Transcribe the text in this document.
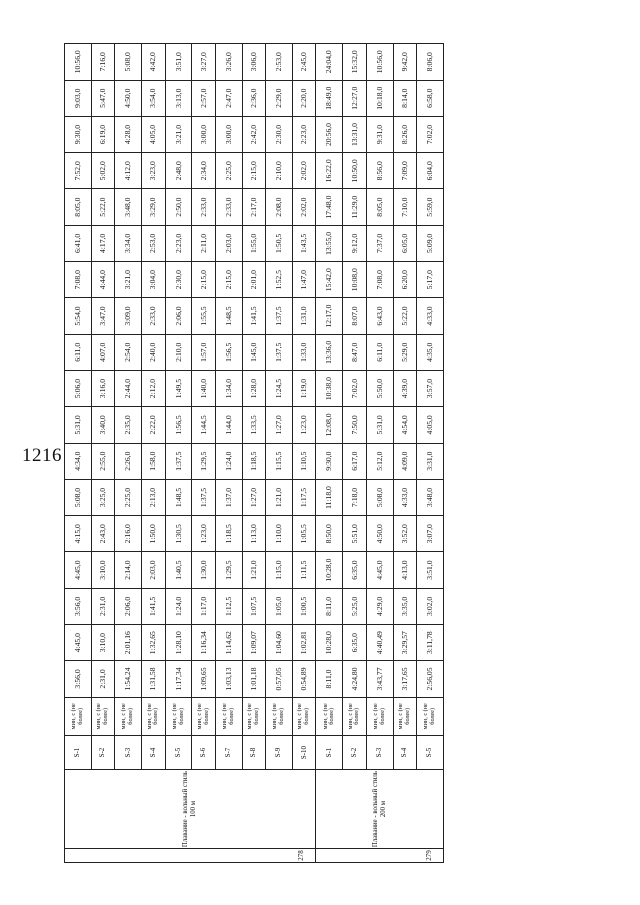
1216
278	Плавание - вольный стиль 100 м	S-1	мин, с (не более)	3:56,0	4:45,0	3:56,0	4:45,0	4:15,0	5:08,0	4:34,0	5:31,0	5:06,0	6:11,0	5:54,0	7:08,0	6:41,0	8:05,0	7:52,0	9:30,0	9:03,0	10:56,0
		S-2	мин, с (не более)	2:31,0	3:10,0	2:31,0	3:10,0	2:43,0	3:25,0	2:55,0	3:40,0	3:16,0	4:07,0	3:47,0	4:44,0	4:17,0	5:22,0	5:02,0	6:19,0	5:47,0	7:16,0
		S-3	мин, с (не более)	1:54,24	2:01,16	2:06,0	2:14,0	2:16,0	2:25,0	2:26,0	2:35,0	2:44,0	2:54,0	3:09,0	3:21,0	3:34,0	3:48,0	4:12,0	4:28,0	4:50,0	5:08,0
		S-4	мин, с (не более)	1:31,58	1:32,65	1:41,5	2:03,0	1:50,0	2:13,0	1:58,0	2:22,0	2:12,0	2:40,0	2:33,0	3:04,0	2:53,0	3:29,0	3:23,0	4:05,0	3:54,0	4:42,0
		S-5	мин, с (не более)	1:17,34	1:28,10	1:24,0	1:40,5	1:30,5	1:48,5	1:37,5	1:56,5	1:49,5	2:10,0	2:06,0	2:30,0	2:23,0	2:50,0	2:48,0	3:21,0	3:13,0	3:51,0
		S-6	мин, с (не более)	1:09,65	1:16,34	1:17,0	1:30,0	1:23,0	1:37,5	1:29,5	1:44,5	1:40,0	1:57,0	1:55,5	2:15,0	2:11,0	2:33,0	2:34,0	3:00,0	2:57,0	3:27,0
		S-7	мин, с (не более)	1:03,13	1:14,62	1:12,5	1:29,5	1:18,5	1:37,0	1:24,0	1:44,0	1:34,0	1:56,5	1:48,5	2:15,0	2:03,0	2:33,0	2:25,0	3:00,0	2:47,0	3:26,0
		S-8	мин, с (не более)	1:01,18	1:09,07	1:07,5	1:21,0	1:13,0	1:27,0	1:18,5	1:33,5	1:28,0	1:45,0	1:41,5	2:01,0	1:55,0	2:17,0	2:15,0	2:42,0	2:36,0	3:06,0
		S-9	мин, с (не более)	0:57,05	1:04,60	1:05,0	1:15,0	1:10,0	1:21,0	1:15,5	1:27,0	1:24,5	1:37,5	1:37,5	1:52,5	1:50,5	2:08,0	2:10,0	2:30,0	2:29,0	2:53,0
		S-10	мин, с (не более)	0:54,89	1:02,81	1:00,5	1:11,5	1:05,5	1:17,5	1:10,5	1:23,0	1:19,0	1:33,0	1:31,0	1:47,0	1:43,5	2:02,0	2:02,0	2:23,0	2:20,0	2:45,0
279	Плавание - вольный стиль 200 м	S-1	мин, с (не более)	8:11,0	10:28,0	8:11,0	10:28,0	8:50,0	11:18,0	9:30,0	12:08,0	10:38,0	13:36,0	12:17,0	15:42,0	13:55,0	17:48,0	16:22,0	20:56,0	18:49,0	24:04,0
		S-2	мин, с (не более)	4:24,80	6:35,0	5:25,0	6:35,0	5:51,0	7:18,0	6:17,0	7:50,0	7:02,0	8:47,0	8:07,0	10:08,0	9:12,0	11:29,0	10:50,0	13:31,0	12:27,0	15:32,0
		S-3	мин, с (не более)	3:43,77	4:40,49	4:29,0	4:45,0	4:50,0	5:08,0	5:12,0	5:31,0	5:50,0	6:11,0	6:43,0	7:08,0	7:37,0	8:05,0	8:56,0	9:31,0	10:18,0	10:56,0
		S-4	мин, с (не более)	3:17,65	3:29,57	3:35,0	4:13,0	3:52,0	4:33,0	4:09,0	4:54,0	4:39,0	5:29,0	5:22,0	6:20,0	6:05,0	7:10,0	7:09,0	8:26,0	8:14,0	9:42,0
		S-5	мин, с (не более)	2:56,05	3:11,78	3:02,0	3:51,0	3:07,0	3:48,0	3:31,0	4:05,0	3:57,0	4:35,0	4:33,0	5:17,0	5:09,0	5:59,0	6:04,0	7:02,0	6:58,0	8:06,0
